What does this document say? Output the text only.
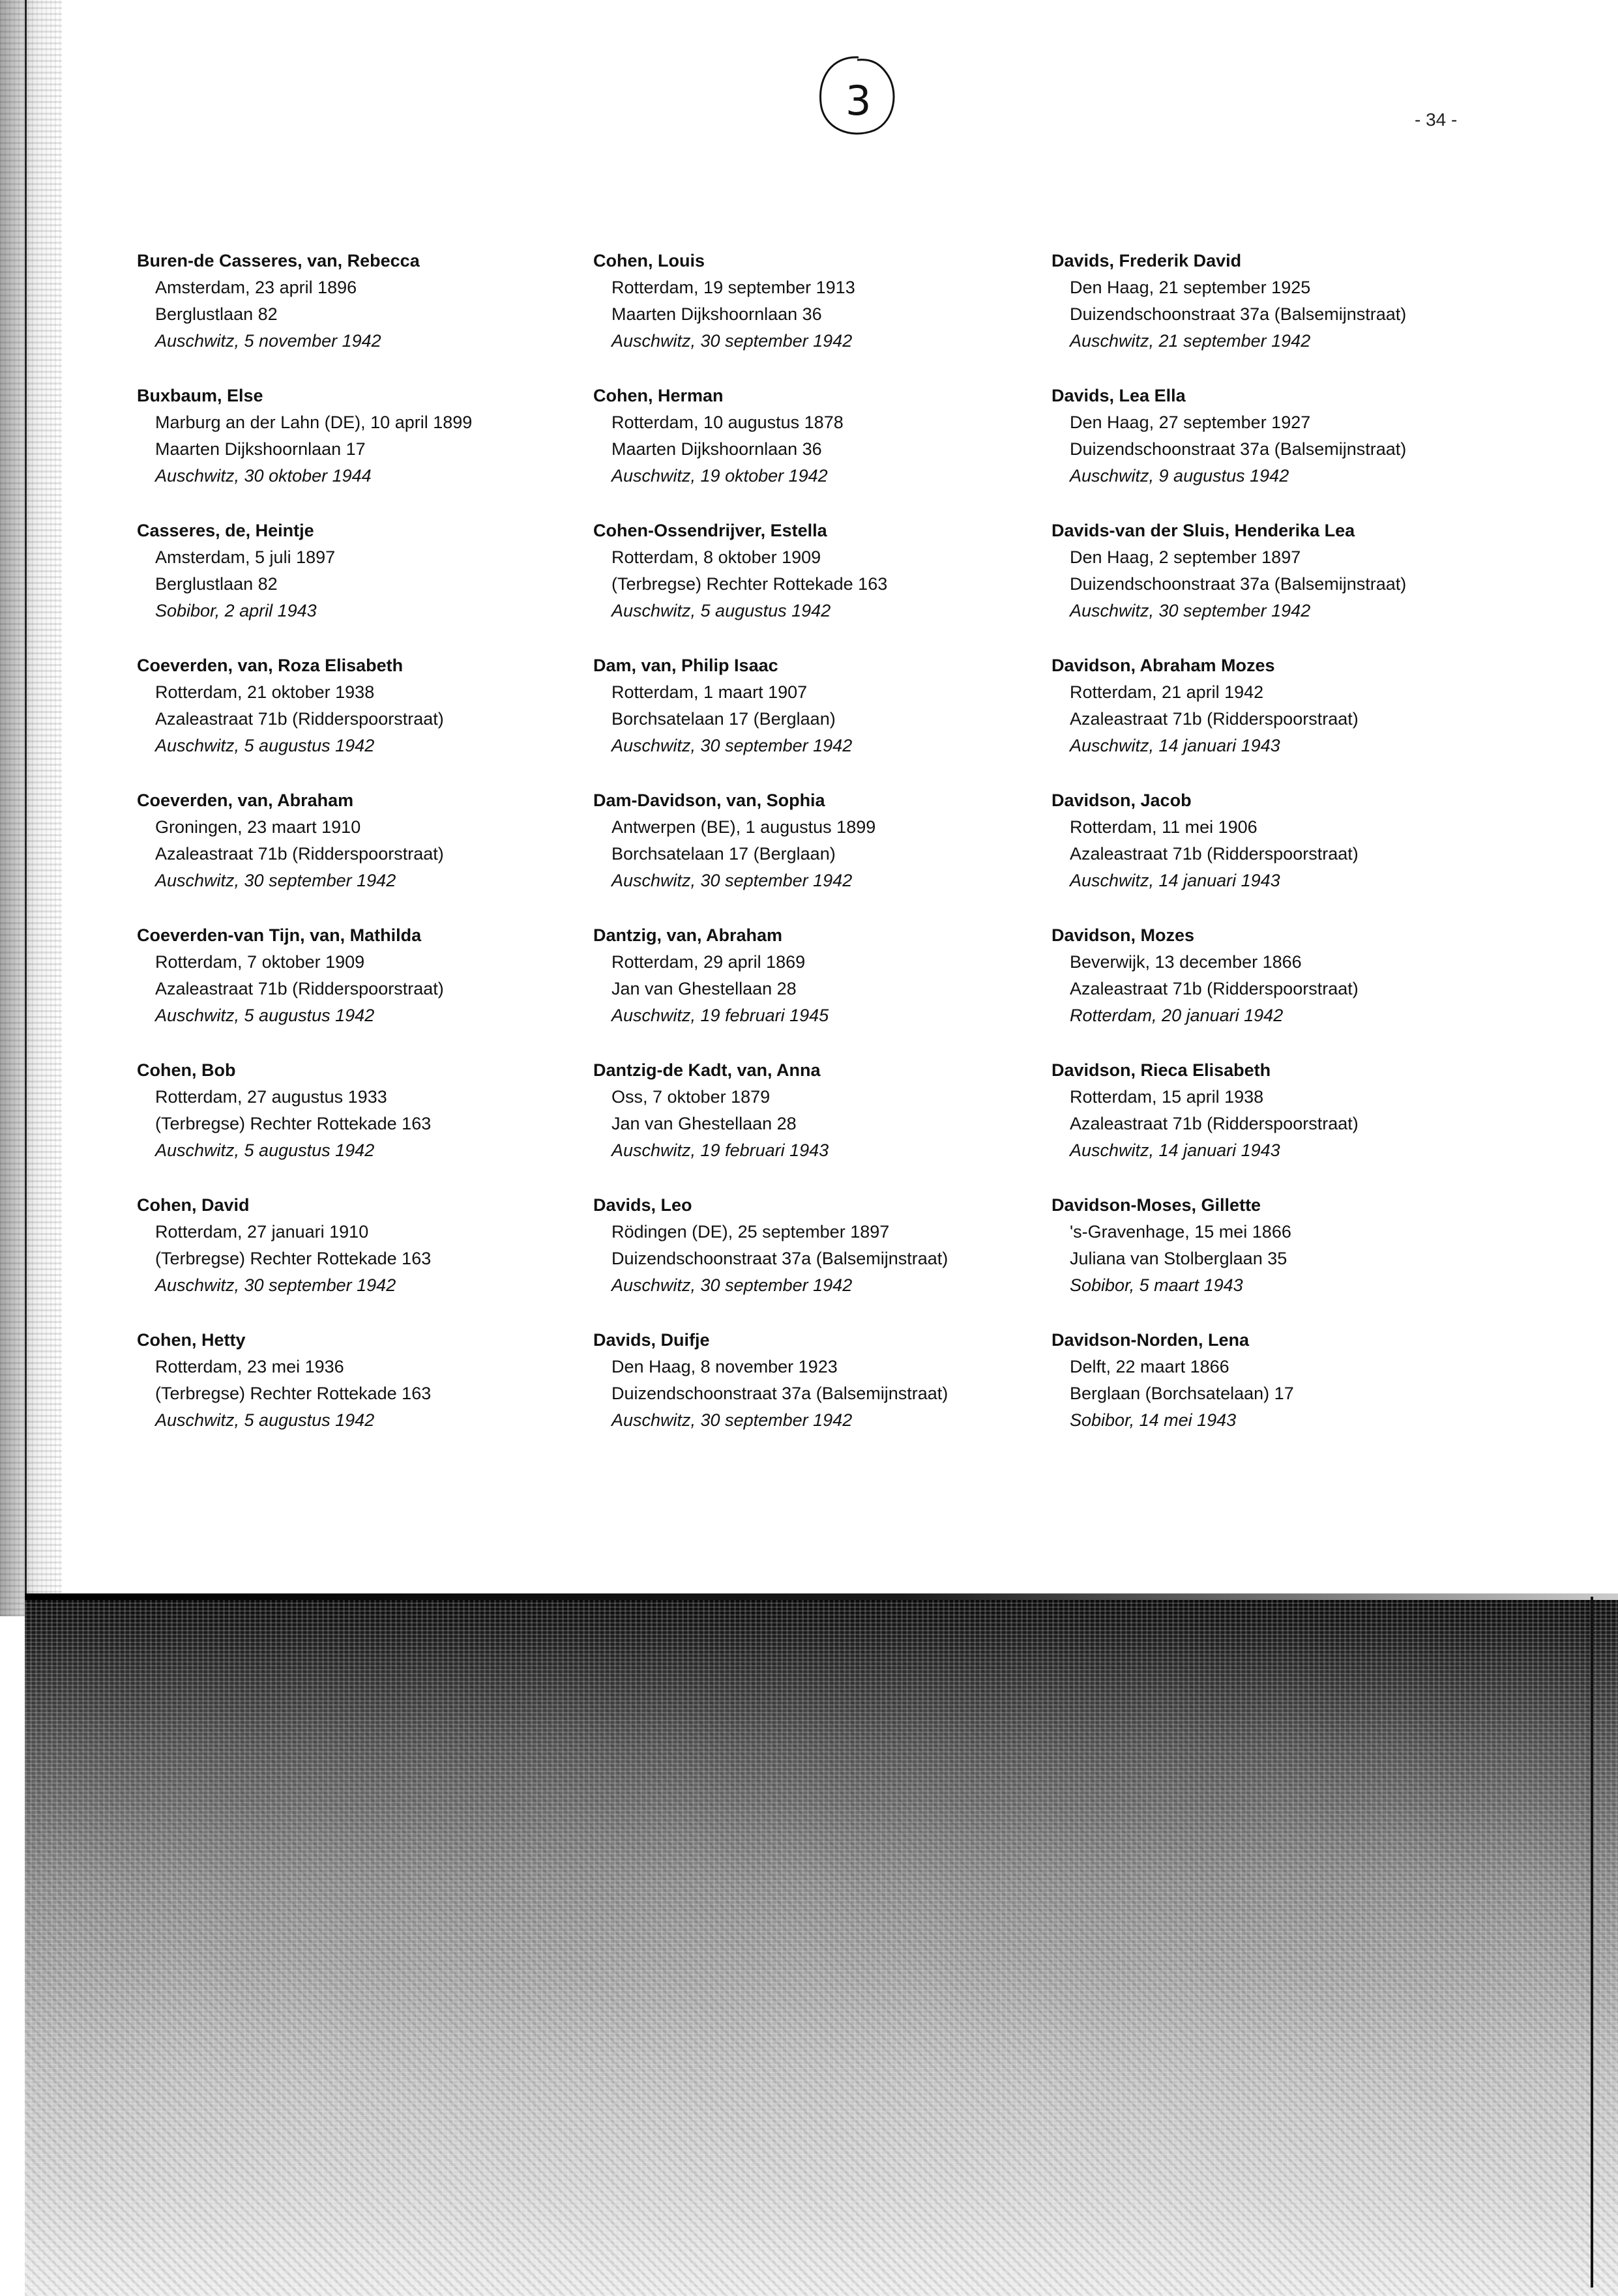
3	- 34 -
Buren-de Casseres, van, Rebecca
Amsterdam, 23 april 1896
Berglustlaan 82
Auschwitz, 5 november 1942
Buxbaum, Else
Marburg an der Lahn (DE), 10 april 1899
Maarten Dijkshoornlaan 17
Auschwitz, 30 oktober 1944
Casseres, de, Heintje
Amsterdam, 5 juli 1897
Berglustlaan 82
Sobibor, 2 april 1943
Coeverden, van, Roza Elisabeth
Rotterdam, 21 oktober 1938
Azaleastraat 71b (Ridderspoorstraat)
Auschwitz, 5 augustus 1942
Coeverden, van, Abraham
Groningen, 23 maart 1910
Azaleastraat 71b (Ridderspoorstraat)
Auschwitz, 30 september 1942
Coeverden-van Tijn, van, Mathilda
Rotterdam, 7 oktober 1909
Azaleastraat 71b (Ridderspoorstraat)
Auschwitz, 5 augustus 1942
Cohen, Bob
Rotterdam, 27 augustus 1933
(Terbregse) Rechter Rottekade 163
Auschwitz, 5 augustus 1942
Cohen, David
Rotterdam, 27 januari 1910
(Terbregse) Rechter Rottekade 163
Auschwitz, 30 september 1942
Cohen, Hetty
Rotterdam, 23 mei 1936
(Terbregse) Rechter Rottekade 163
Auschwitz, 5 augustus 1942
Cohen, Louis
Rotterdam, 19 september 1913
Maarten Dijkshoornlaan 36
Auschwitz, 30 september 1942
Cohen, Herman
Rotterdam, 10 augustus 1878
Maarten Dijkshoornlaan 36
Auschwitz, 19 oktober 1942
Cohen-Ossendrijver, Estella
Rotterdam, 8 oktober 1909
(Terbregse) Rechter Rottekade 163
Auschwitz, 5 augustus 1942
Dam, van, Philip Isaac
Rotterdam, 1 maart 1907
Borchsatelaan 17 (Berglaan)
Auschwitz, 30 september 1942
Dam-Davidson, van, Sophia
Antwerpen (BE), 1 augustus 1899
Borchsatelaan 17 (Berglaan)
Auschwitz, 30 september 1942
Dantzig, van, Abraham
Rotterdam, 29 april 1869
Jan van Ghestellaan 28
Auschwitz, 19 februari 1945
Dantzig-de Kadt, van, Anna
Oss, 7 oktober 1879
Jan van Ghestellaan 28
Auschwitz, 19 februari 1943
Davids, Leo
Rödingen (DE), 25 september 1897
Duizendschoonstraat 37a (Balsemijnstraat)
Auschwitz, 30 september 1942
Davids, Duifje
Den Haag, 8 november 1923
Duizendschoonstraat 37a (Balsemijnstraat)
Auschwitz, 30 september 1942
Davids, Frederik David
Den Haag, 21 september 1925
Duizendschoonstraat 37a (Balsemijnstraat)
Auschwitz, 21 september 1942
Davids, Lea Ella
Den Haag, 27 september 1927
Duizendschoonstraat 37a (Balsemijnstraat)
Auschwitz, 9 augustus 1942
Davids-van der Sluis, Henderika Lea
Den Haag, 2 september 1897
Duizendschoonstraat 37a (Balsemijnstraat)
Auschwitz, 30 september 1942
Davidson, Abraham Mozes
Rotterdam, 21 april 1942
Azaleastraat 71b (Ridderspoorstraat)
Auschwitz, 14 januari 1943
Davidson, Jacob
Rotterdam, 11 mei 1906
Azaleastraat 71b (Ridderspoorstraat)
Auschwitz, 14 januari 1943
Davidson, Mozes
Beverwijk, 13 december 1866
Azaleastraat 71b (Ridderspoorstraat)
Rotterdam, 20 januari 1942
Davidson, Rieca Elisabeth
Rotterdam, 15 april 1938
Azaleastraat 71b (Ridderspoorstraat)
Auschwitz, 14 januari 1943
Davidson-Moses, Gillette
's-Gravenhage, 15 mei 1866
Juliana van Stolberglaan 35
Sobibor, 5 maart 1943
Davidson-Norden, Lena
Delft, 22 maart 1866
Berglaan (Borchsatelaan) 17
Sobibor, 14 mei 1943
